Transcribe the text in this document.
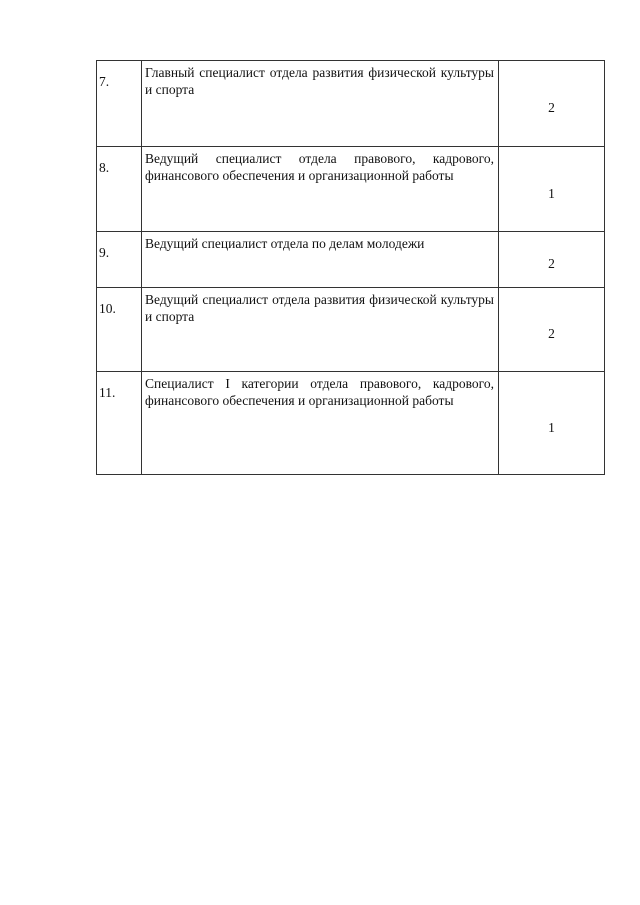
7.	Главный специалист отдела развития физической культуры и спорта	2
8.	Ведущий специалист отдела правового, кадрового, финансового обеспечения и организационной работы	1
9.	Ведущий специалист отдела по делам молодежи	2
10.	Ведущий специалист отдела развития физической культуры и спорта	2
11.	Специалист I категории отдела правового, кадрового, финансового обеспечения и организационной работы	1
